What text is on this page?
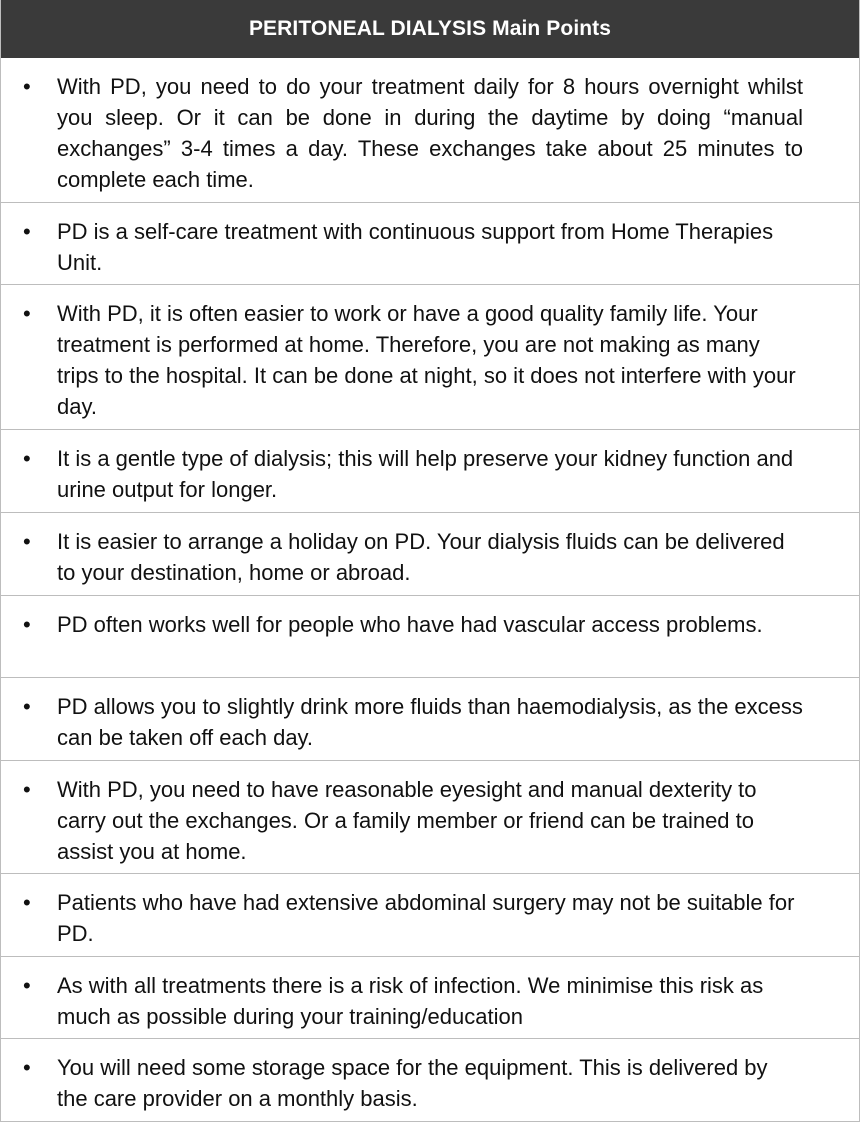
PERITONEAL DIALYSIS Main Points
• With PD, you need to do your treatment daily for 8 hours overnight whilst you sleep. Or it can be done in during the daytime by doing “manual exchanges” 3-4 times a day. These exchanges take about 25 minutes to complete each time.
• PD is a self-care treatment with continuous support from Home Therapies Unit.
• With PD, it is often easier to work or have a good quality family life. Your treatment is performed at home. Therefore, you are not making as many trips to the hospital. It can be done at night, so it does not interfere with your day.
• It is a gentle type of dialysis; this will help preserve your kidney function and urine output for longer.
• It is easier to arrange a holiday on PD. Your dialysis fluids can be delivered to your destination, home or abroad.
• PD often works well for people who have had vascular access problems.
• PD allows you to slightly drink more fluids than haemodialysis, as the excess can be taken off each day.
• With PD, you need to have reasonable eyesight and manual dexterity to carry out the exchanges. Or a family member or friend can be trained to assist you at home.
• Patients who have had extensive abdominal surgery may not be suitable for PD.
• As with all treatments there is a risk of infection. We minimise this risk as much as possible during your training/education
• You will need some storage space for the equipment. This is delivered by the care provider on a monthly basis.
